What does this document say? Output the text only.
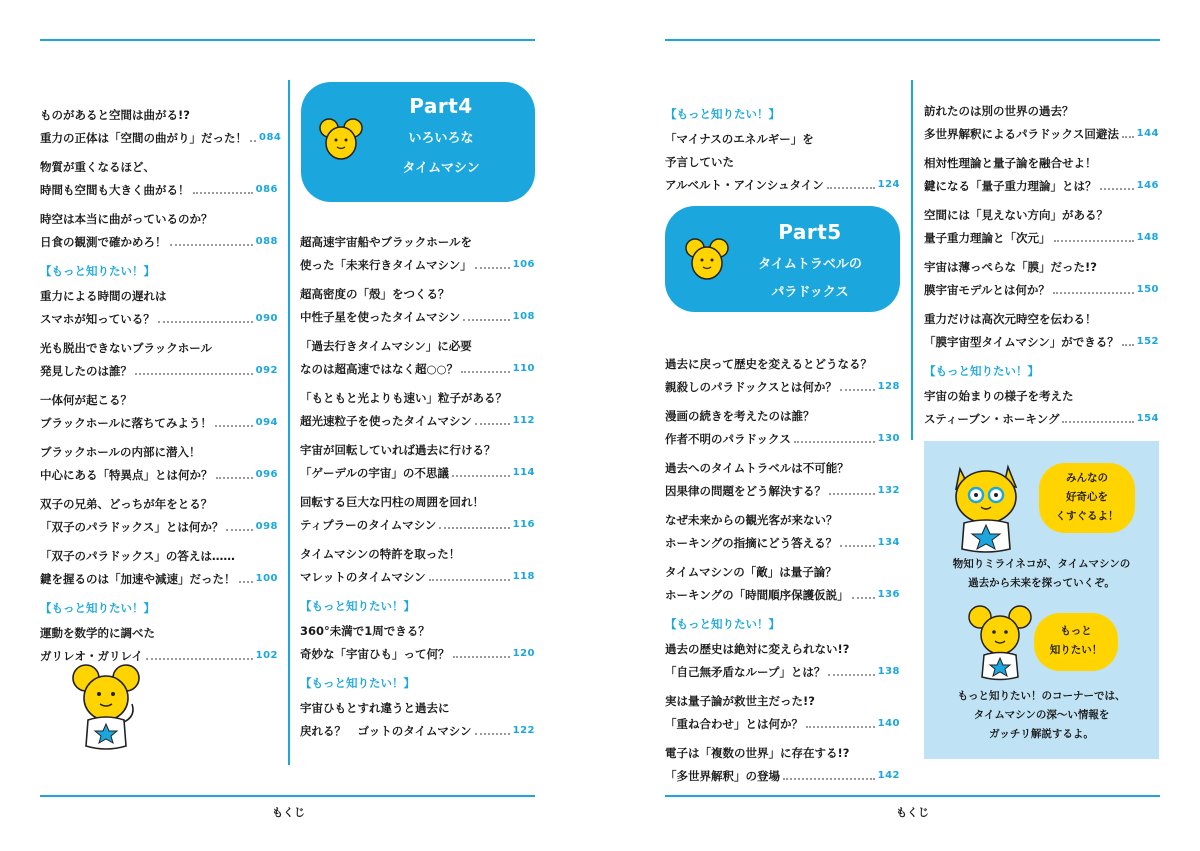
もくじ	もくじ
ものがあると空間は曲がる!?
重力の正体は「空間の曲がり」だった！ 084
物質が重くなるほど、
時間も空間も大きく曲がる！	086
時空は本当に曲がっているのか？
日食の観測で確かめろ！	088
【もっと知りたい！】
重力による時間の遅れは
スマホが知っている？	090
光も脱出できないブラックホール
発見したのは誰？	092
一体何が起こる？
ブラックホールに落ちてみよう！	094
ブラックホールの内部に潜入！
中心にある「特異点」とは何か？	096
双子の兄弟、どっちが年をとる？
「双子のパラドックス」とは何か？	098
「双子のパラドックス」の答えは……
鍵を握るのは「加速や減速」だった！ 100
【もっと知りたい！】
運動を数学的に調べた
ガリレオ・ガリレイ	102
Part4
いろいろな
タイムマシン
超高速宇宙船やブラックホールを
使った「未来行きタイムマシン」	106
超高密度の「殻」をつくる？
中性子星を使ったタイムマシン	108
「過去行きタイムマシン」に必要
なのは超高速ではなく超○○？	110
「もともと光よりも速い」粒子がある？
超光速粒子を使ったタイムマシン	112
宇宙が回転していれば過去に行ける？
「ゲーデルの宇宙」の不思議	114
回転する巨大な円柱の周囲を回れ！
ティプラーのタイムマシン	116
タイムマシンの特許を取った！
マレットのタイムマシン	118
【もっと知りたい！】
360°未満で1周できる？
奇妙な「宇宙ひも」って何？	120
【もっと知りたい！】
宇宙ひもとすれ違うと過去に
戻れる？　ゴットのタイムマシン	122
【もっと知りたい！】
「マイナスのエネルギー」を
予言していた
アルベルト・アインシュタイン	124
Part5
タイムトラベルの
パラドックス
過去に戻って歴史を変えるとどうなる？
親殺しのパラドックスとは何か？	128
漫画の続きを考えたのは誰？
作者不明のパラドックス	130
過去へのタイムトラベルは不可能？
因果律の問題をどう解決する？	132
なぜ未来からの観光客が来ない？
ホーキングの指摘にどう答える？	134
タイムマシンの「敵」は量子論？
ホーキングの「時間順序保護仮説」	136
【もっと知りたい！】
過去の歴史は絶対に変えられない!?
「自己無矛盾なループ」とは？	138
実は量子論が救世主だった!?
「重ね合わせ」とは何か？	140
電子は「複数の世界」に存在する!?
「多世界解釈」の登場	142
訪れたのは別の世界の過去？
多世界解釈によるパラドックス回避法 144
相対性理論と量子論を融合せよ！
鍵になる「量子重力理論」とは？	146
空間には「見えない方向」がある？
量子重力理論と「次元」	148
宇宙は薄っぺらな「膜」だった!?
膜宇宙モデルとは何か？	150
重力だけは高次元時空を伝わる！
「膜宇宙型タイムマシン」ができる？ 152
【もっと知りたい！】
宇宙の始まりの様子を考えた
スティーブン・ホーキング	154
みんなの
好奇心を
くすぐるよ！
物知りミライネコが、タイムマシンの
過去から未来を探っていくぞ。
もっと
知りたい！
もっと知りたい！のコーナーでは、
タイムマシンの深〜い情報を
ガッチリ解説するよ。
